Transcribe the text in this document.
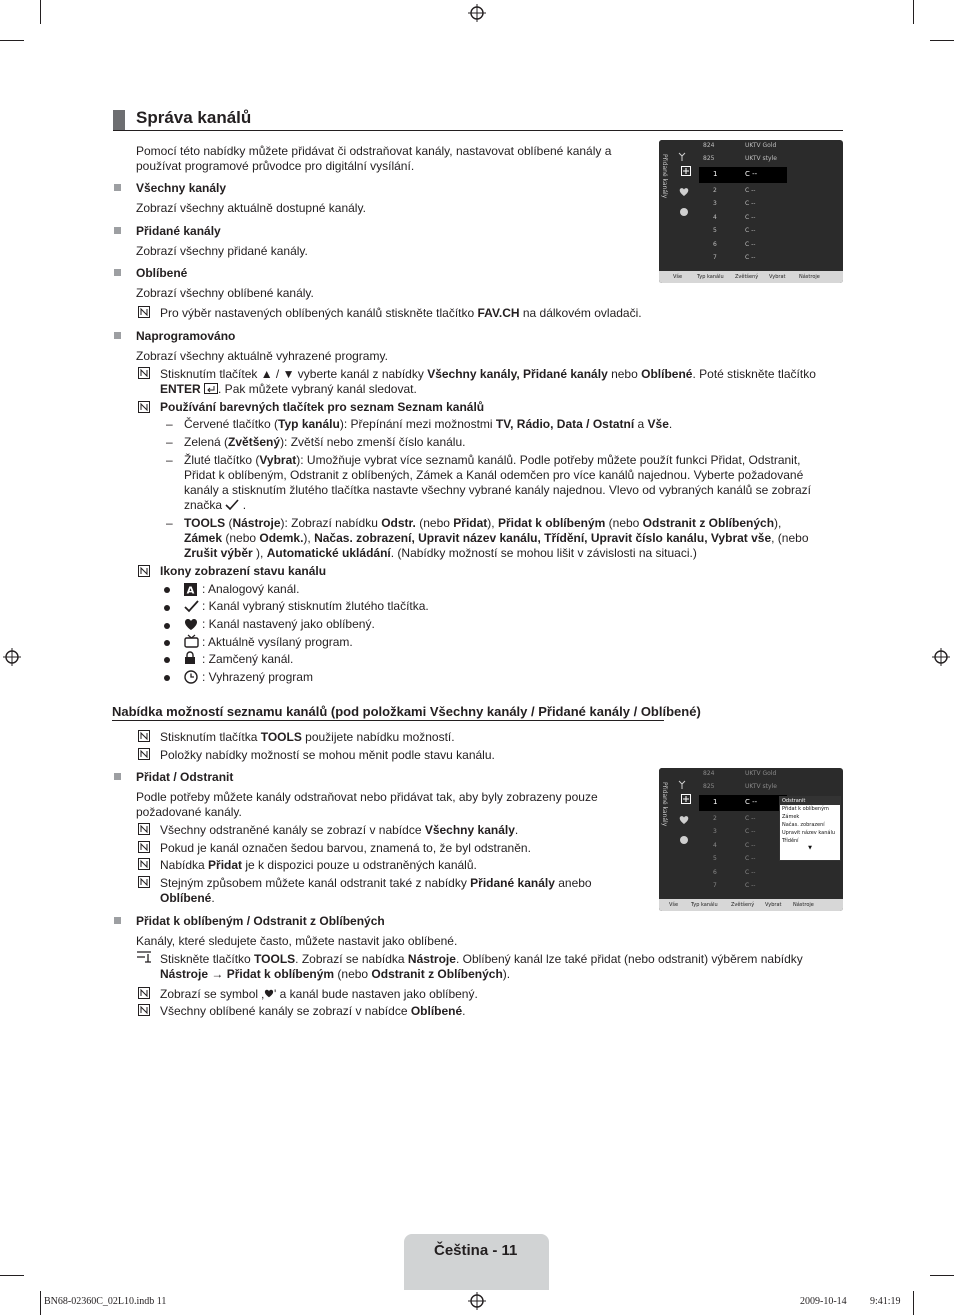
Správa kanálů
Pomocí této nabídky můžete přidávat či odstraňovat kanály, nastavovat oblíbené kanály a používat programové průvodce pro digitální vysílání.
Všechny kanály
Zobrazí všechny aktuálně dostupné kanály.
Přidané kanály
Zobrazí všechny přidané kanály.
Oblíbené
Zobrazí všechny oblíbené kanály.
Pro výběr nastavených oblíbených kanálů stiskněte tlačítko FAV.CH na dálkovém ovladači.
Naprogramováno
Zobrazí všechny aktuálně vyhrazené programy.
Stisknutím tlačítek ▲ / ▼ vyberte kanál z nabídky Všechny kanály, Přidané kanály nebo Oblíbené. Poté stiskněte tlačítko
ENTER . Pak můžete vybraný kanál sledovat.
Používání barevných tlačítek pro seznam Seznam kanálů
– Červené tlačítko (Typ kanálu): Přepínání mezi možnostmi TV, Rádio, Data / Ostatní a Vše.
– Zelená (Zvětšený): Zvětší nebo zmenší číslo kanálu.
– Žluté tlačítko (Vybrat): Umožňuje vybrat více seznamů kanálů. Podle potřeby můžete použít funkci Přidat, Odstranit,
Přidat k oblíbeným, Odstranit z oblíbených, Zámek a Kanál odemčen pro více kanálů najednou. Vyberte požadované
kanály a stisknutím žlutého tlačítka nastavte všechny vybrané kanály najednou. Vlevo od vybraných kanálů se zobrazí
značka  .
– TOOLS (Nástroje): Zobrazí nabídku Odstr. (nebo Přidat), Přidat k oblíbeným (nebo Odstranit z Oblíbených),
Zámek (nebo Odemk.), Načas. zobrazení, Upravit název kanálu, Třídění, Upravit číslo kanálu, Vybrat vše, (nebo
Zrušit výběr ), Automatické ukládání. (Nabídky možností se mohou lišit v závislosti na situaci.)
Ikony zobrazení stavu kanálu
A : Analogový kanál.
: Kanál vybraný stisknutím žlutého tlačítka.
: Kanál nastavený jako oblíbený.
: Aktuálně vysílaný program.
: Zamčený kanál.
: Vyhrazený program
Nabídka možností seznamu kanálů (pod položkami Všechny kanály / Přidané kanály / Oblíbené)
Stisknutím tlačítka TOOLS použijete nabídku možností.
Položky nabídky možností se mohou měnit podle stavu kanálu.
Přidat / Odstranit
Podle potřeby můžete kanály odstraňovat nebo přidávat tak, aby byly zobrazeny pouze
požadované kanály.
Všechny odstraněné kanály se zobrazí v nabídce Všechny kanály.
Pokud je kanál označen šedou barvou, znamená to, že byl odstraněn.
Nabídka Přidat je k dispozici pouze u odstraněných kanálů.
Stejným způsobem můžete kanál odstranit také z nabídky Přidané kanály anebo
Oblíbené.
Přidat k oblíbeným / Odstranit z Oblíbených
Kanály, které sledujete často, můžete nastavit jako oblíbené.
Stiskněte tlačítko TOOLS. Zobrazí se nabídka Nástroje. Oblíbený kanál lze také přidat (nebo odstranit) výběrem nabídky
Nástroje → Přidat k oblíbeným (nebo Odstranit z Oblíbených).
Zobrazí se symbol ‚ ' a kanál bude nastaven jako oblíbený.
Všechny oblíbené kanály se zobrazí v nabídce Oblíbené.
Přidané kanály
824	UKTV Gold
825	UKTV style
1	C --
2	C --
3	C --
4	C --
5	C --
6	C --
7	C --
Vše	Typ kanálu Zvětšený Vybrat	Nástroje
Přidané kanály
824	UKTV Gold
825	UKTV style
1	C --
2	C --
3	C --
4	C --
5	C --
6	C --
7	C --
Odstranit
Přidat k oblíbeným
Zámek
Načas. zobrazení
Upravit název kanálu
Třídění
▼
Vše	Typ kanálu	Zvětšený Vybrat Nástroje
Čeština - 11
BN68-02360C_02L10.indb 11	2009-10-14 9:41:19
